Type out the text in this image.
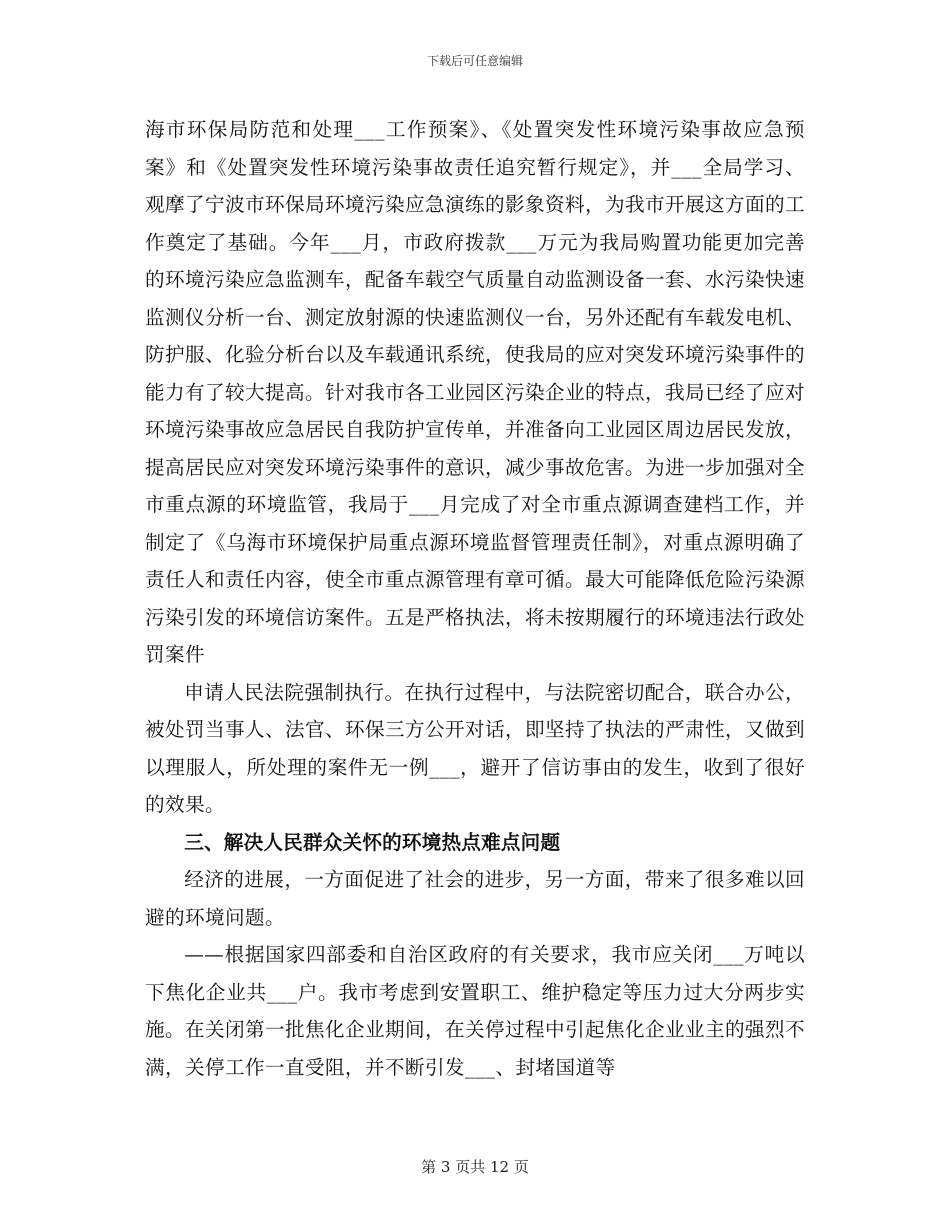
下载后可任意编辑

海市环保局防范和处理___工作预案》、《处置突发性环境污染事故应急预案》和《处置突发性环境污染事故责任追究暂行规定》，并___全局学习、观摩了宁波市环保局环境污染应急演练的影象资料，为我市开展这方面的工作奠定了基础。今年___月，市政府拨款___万元为我局购置功能更加完善的环境污染应急监测车，配备车载空气质量自动监测设备一套、水污染快速监测仪分析一台、测定放射源的快速监测仪一台，另外还配有车载发电机、防护服、化验分析台以及车载通讯系统，使我局的应对突发环境污染事件的能力有了较大提高。针对我市各工业园区污染企业的特点，我局已经了应对环境污染事故应急居民自我防护宣传单，并准备向工业园区周边居民发放，提高居民应对突发环境污染事件的意识，减少事故危害。为进一步加强对全市重点源的环境监管，我局于___月完成了对全市重点源调查建档工作，并制定了《乌海市环境保护局重点源环境监督管理责任制》，对重点源明确了责任人和责任内容，使全市重点源管理有章可循。最大可能降低危险污染源污染引发的环境信访案件。五是严格执法，将未按期履行的环境违法行政处罚案件

申请人民法院强制执行。在执行过程中，与法院密切配合，联合办公，被处罚当事人、法官、环保三方公开对话，即坚持了执法的严肃性，又做到以理服人，所处理的案件无一例___，避开了信访事由的发生，收到了很好的效果。

三、解决人民群众关怀的环境热点难点问题

经济的进展，一方面促进了社会的进步，另一方面，带来了很多难以回避的环境问题。

——根据国家四部委和自治区政府的有关要求，我市应关闭___万吨以下焦化企业共___户。我市考虑到安置职工、维护稳定等压力过大分两步实施。在关闭第一批焦化企业期间，在关停过程中引起焦化企业业主的强烈不满，关停工作一直受阻，并不断引发___、封堵国道等

第 3 页共 12 页
